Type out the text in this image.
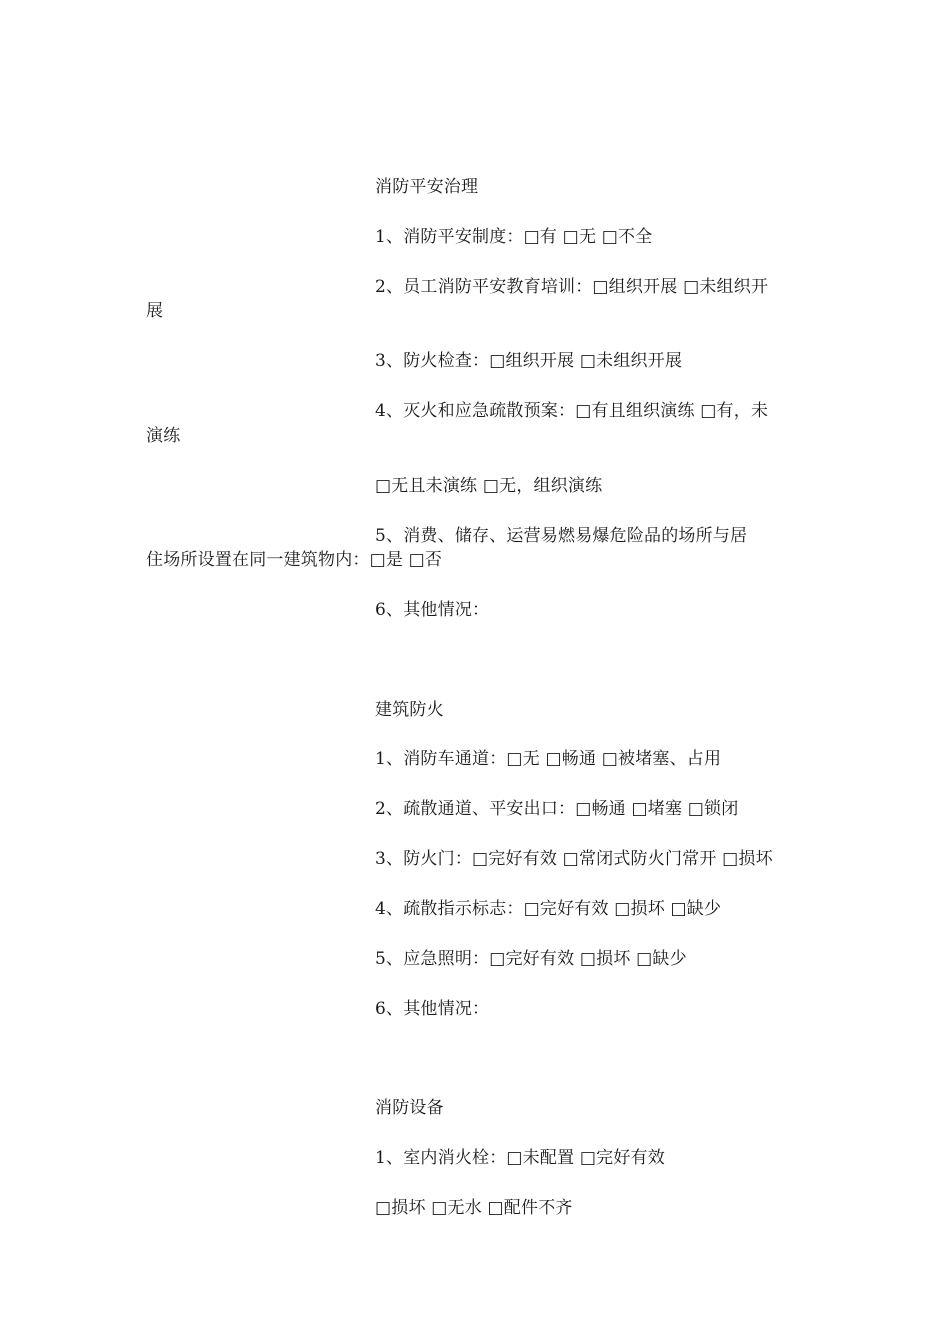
消防平安治理
1、消防平安制度：□有 □无 □不全
2、员工消防平安教育培训：□组织开展 □未组织开
展
3、防火检查：□组织开展 □未组织开展
4、灭火和应急疏散预案：□有且组织演练 □有，未
演练
□无且未演练 □无，组织演练
5、消费、储存、运营易燃易爆危险品的场所与居
住场所设置在同一建筑物内：□是 □否
6、其他情况：
建筑防火
1、消防车通道：□无 □畅通 □被堵塞、占用
2、疏散通道、平安出口：□畅通 □堵塞 □锁闭
3、防火门：□完好有效 □常闭式防火门常开 □损坏
4、疏散指示标志：□完好有效 □损坏 □缺少
5、应急照明：□完好有效 □损坏 □缺少
6、其他情况：
消防设备
1、室内消火栓：□未配置 □完好有效
□损坏 □无水 □配件不齐
